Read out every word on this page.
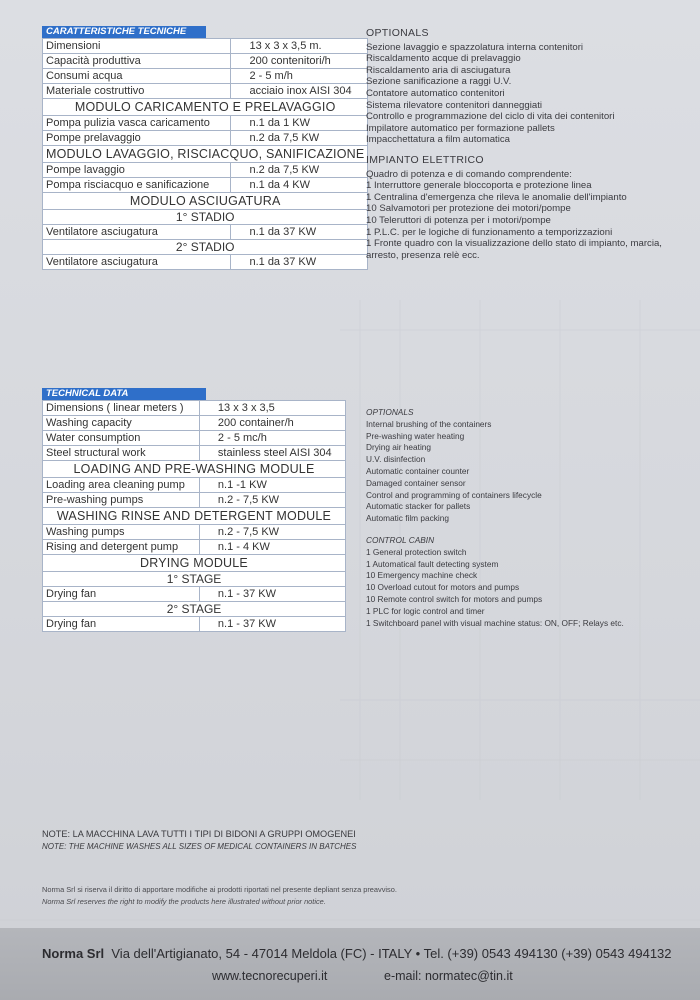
CARATTERISTICHE TECNICHE
Dimensioni	13 x 3 x 3,5 m.
Capacità produttiva	200 contenitori/h
Consumi acqua	2 - 5 m/h
Materiale costruttivo	acciaio inox AISI 304
MODULO CARICAMENTO E PRELAVAGGIO	
Pompa pulizia vasca caricamento	n.1 da 1 KW
Pompe prelavaggio	n.2 da 7,5 KW
MODULO LAVAGGIO, RISCIACQUO, SANIFICAZIONE	
Pompe lavaggio	n.2 da 7,5 KW
Pompa risciacquo e sanificazione	n.1 da 4 KW
MODULO ASCIUGATURA	
1° STADIO	
Ventilatore asciugatura	n.1 da 37 KW
2° STADIO	
Ventilatore asciugatura	n.1 da 37 KW
OPTIONALS
Sezione lavaggio e spazzolatura interna contenitori
Riscaldamento acque di prelavaggio
Riscaldamento aria di asciugatura
Sezione sanificazione a raggi U.V.
Contatore automatico contenitori
Sistema rilevatore contenitori danneggiati
Controllo e programmazione del ciclo di vita dei contenitori
Impilatore automatico per formazione pallets
Impacchettatura a film automatica
IMPIANTO ELETTRICO
Quadro di potenza e di comando comprendente:
1 Interruttore generale bloccoporta e protezione linea
1 Centralina d'emergenza che rileva le anomalie dell'impianto
10 Salvamotori per protezione dei motori/pompe
10 Teleruttori di potenza per i motori/pompe
1 P.L.C. per le logiche di funzionamento a temporizzazioni
1 Fronte quadro con la visualizzazione dello stato di impianto, marcia,
arresto, presenza relè ecc.
TECHNICAL DATA
Dimensions ( linear meters )	13 x 3 x 3,5
Washing capacity	200 container/h
Water consumption	2 - 5 mc/h
Steel structural work	stainless steel AISI 304
LOADING AND PRE-WASHING MODULE	
Loading area cleaning pump	n.1 -1 KW
Pre-washing pumps	n.2 - 7,5 KW
WASHING RINSE AND DETERGENT MODULE	
Washing pumps	n.2 - 7,5 KW
Rising and detergent pump	n.1 - 4 KW
DRYING MODULE	
1° STAGE	
Drying fan	n.1 - 37 KW
2° STAGE	
Drying fan	n.1 - 37 KW
OPTIONALS
Internal brushing of the containers
Pre-washing water heating
Drying air heating
U.V. disinfection
Automatic container counter
Damaged container sensor
Control and programming of containers lifecycle
Automatic stacker for pallets
Automatic film packing
CONTROL CABIN
1 General protection switch
1 Automatical fault detecting system
10 Emergency machine check
10 Overload cutout for motors and pumps
10 Remote control switch for motors and pumps
1 PLC for logic control and timer
1 Switchboard panel with visual machine status: ON, OFF; Relays etc.
NOTE: LA MACCHINA LAVA TUTTI I TIPI DI BIDONI A GRUPPI OMOGENEI
NOTE: THE MACHINE WASHES ALL SIZES OF MEDICAL CONTAINERS IN BATCHES
Norma Srl si riserva il diritto di apportare modifiche ai prodotti riportati nel presente depliant senza preavviso.
Norma Srl reserves the right to modify the products here illustrated without prior notice.
Norma Srl Via dell'Artigianato, 54 - 47014 Meldola (FC) - ITALY • Tel. (+39) 0543 494130 (+39) 0543 494132
www.tecnorecuperi.it	e-mail: normatec@tin.it
